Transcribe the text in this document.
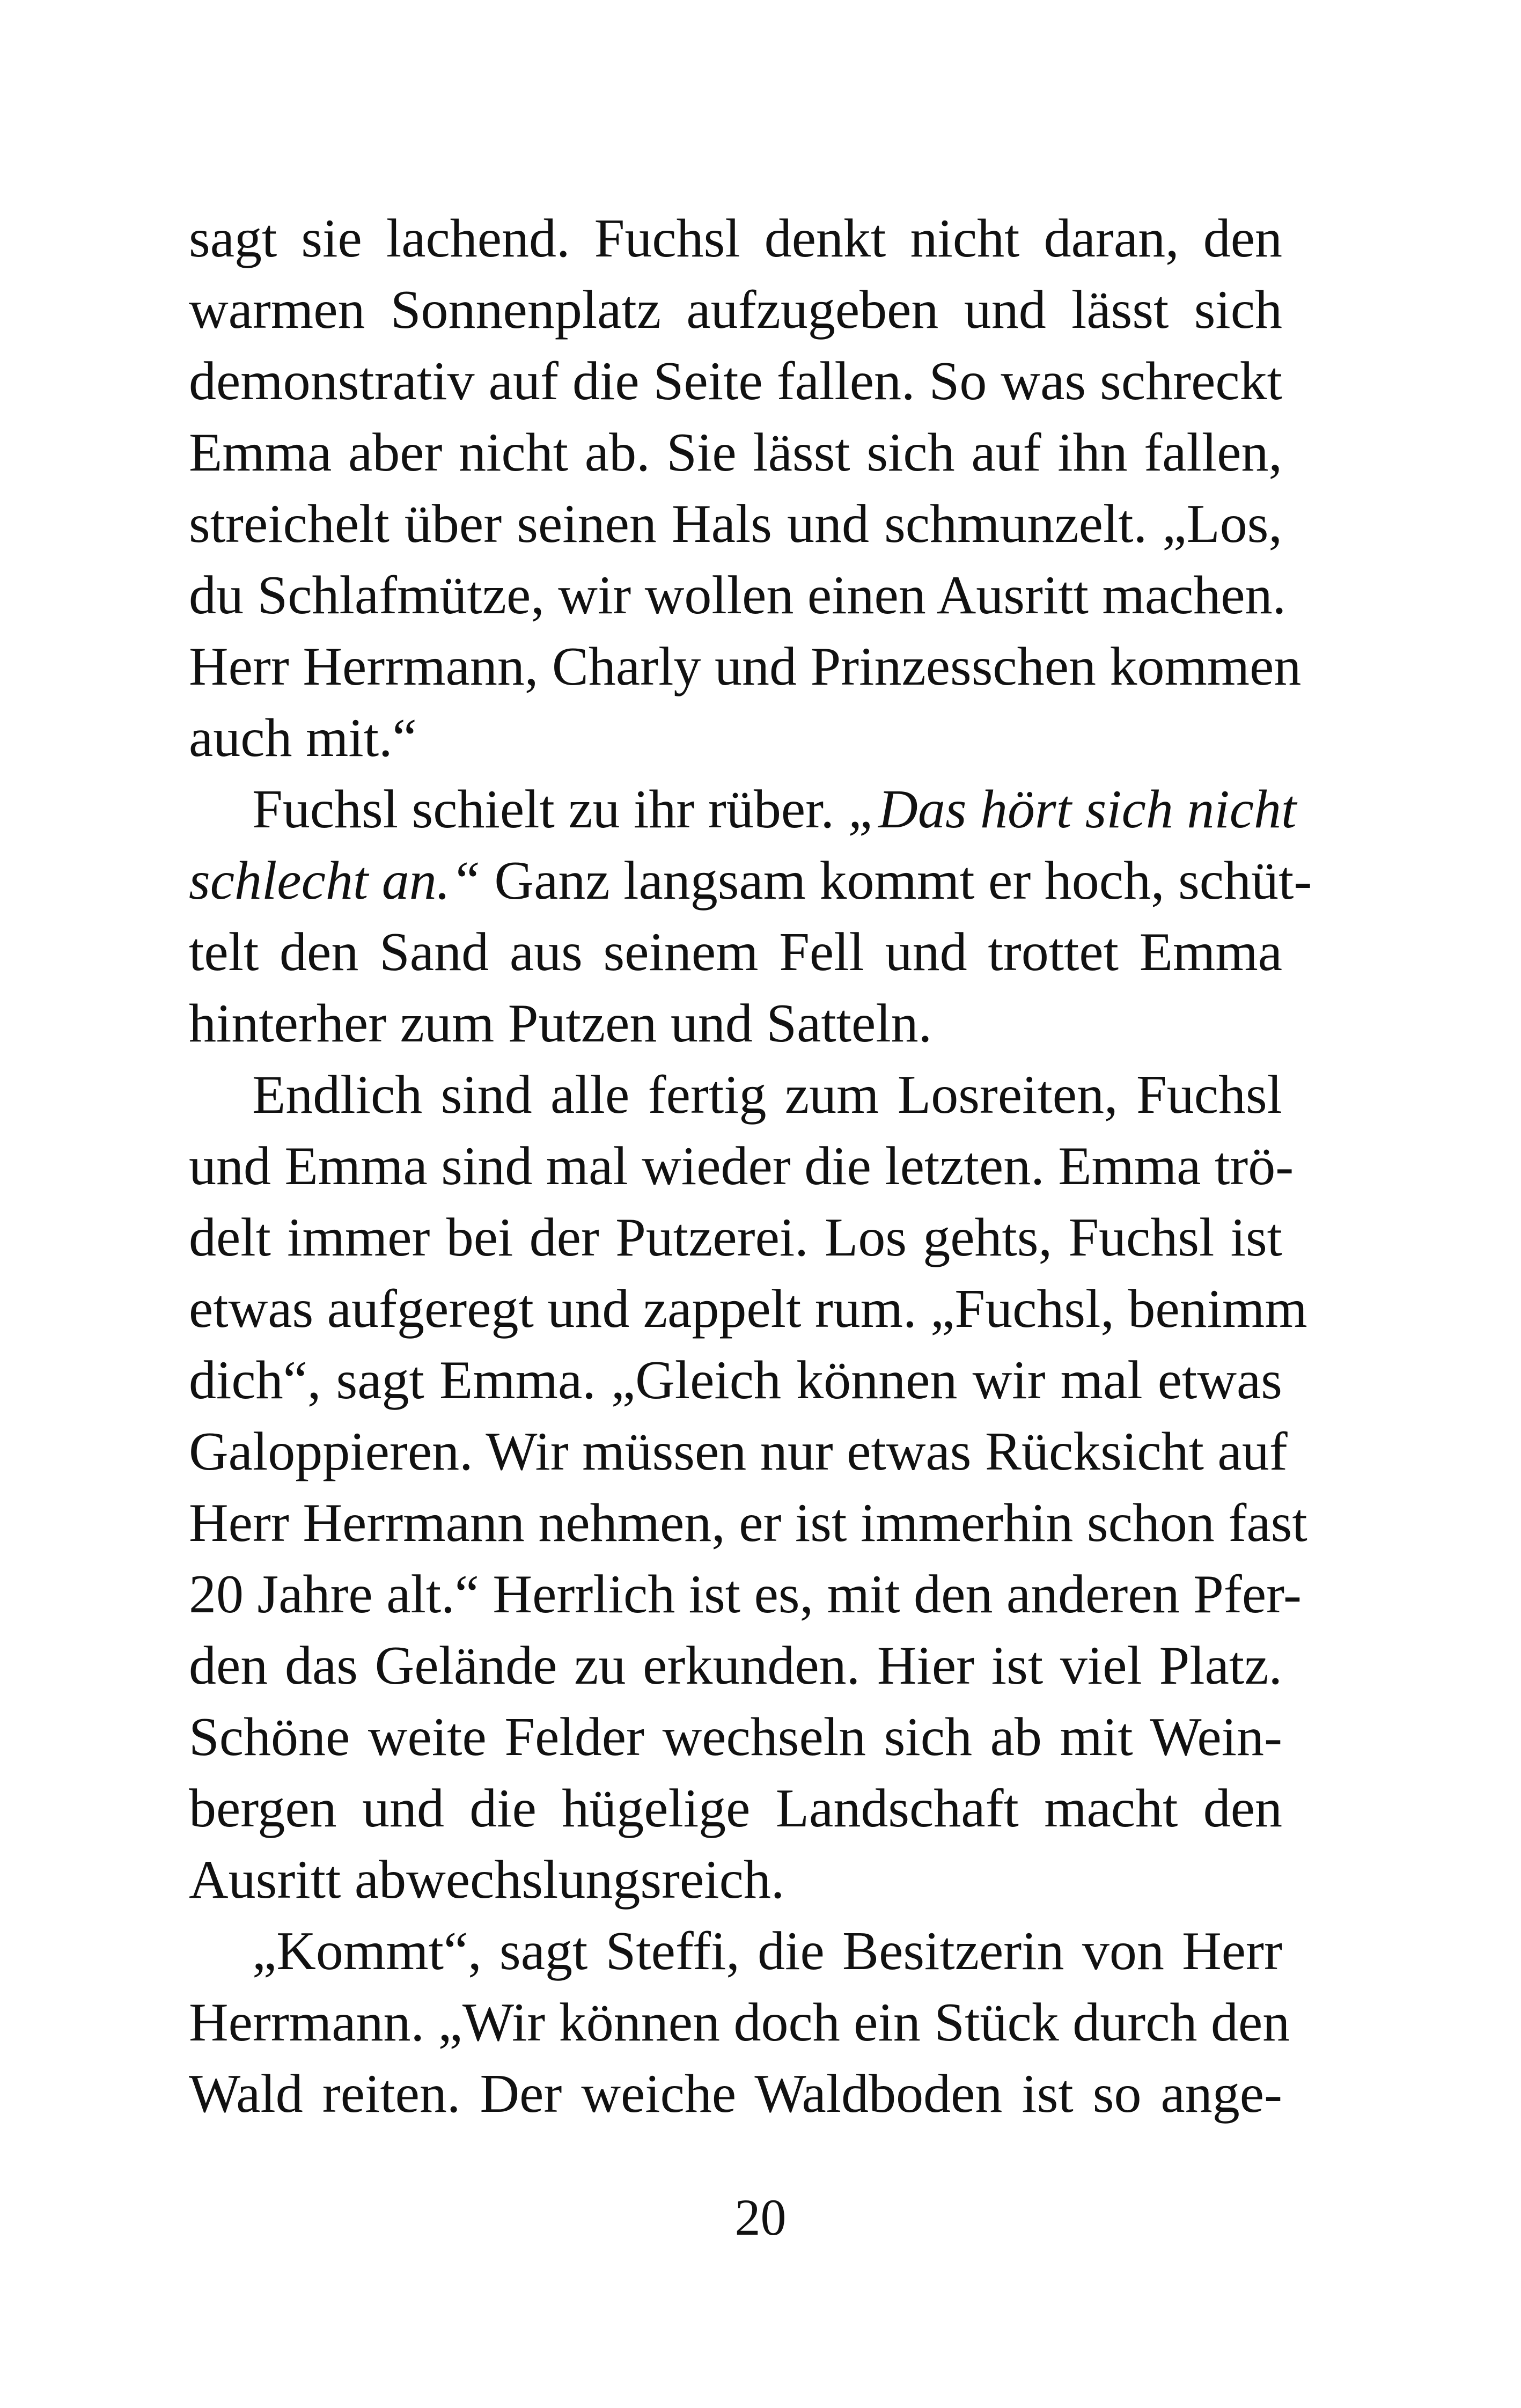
sagt sie lachend. Fuchsl denkt nicht daran, den
warmen Sonnenplatz aufzugeben und lässt sich
demonstrativ auf die Seite fallen. So was schreckt
Emma aber nicht ab. Sie lässt sich auf ihn fallen,
streichelt über seinen Hals und schmunzelt. „Los,
du Schlafmütze, wir wollen einen Ausritt machen.
Herr Herrmann, Charly und Prinzesschen kommen
auch mit.“
Fuchsl schielt zu ihr rüber. „Das hört sich nicht
schlecht an.“ Ganz langsam kommt er hoch, schüt-
telt den Sand aus seinem Fell und trottet Emma
hinterher zum Putzen und Satteln.
Endlich sind alle fertig zum Losreiten, Fuchsl
und Emma sind mal wieder die letzten. Emma trö-
delt immer bei der Putzerei. Los gehts, Fuchsl ist
etwas aufgeregt und zappelt rum. „Fuchsl, benimm
dich“, sagt Emma. „Gleich können wir mal etwas
Galoppieren. Wir müssen nur etwas Rücksicht auf
Herr Herrmann nehmen, er ist immerhin schon fast
20 Jahre alt.“ Herrlich ist es, mit den anderen Pfer-
den das Gelände zu erkunden. Hier ist viel Platz.
Schöne weite Felder wechseln sich ab mit Wein-
bergen und die hügelige Landschaft macht den
Ausritt abwechslungsreich.
„Kommt“, sagt Steffi, die Besitzerin von Herr
Herrmann. „Wir können doch ein Stück durch den
Wald reiten. Der weiche Waldboden ist so ange-
20
